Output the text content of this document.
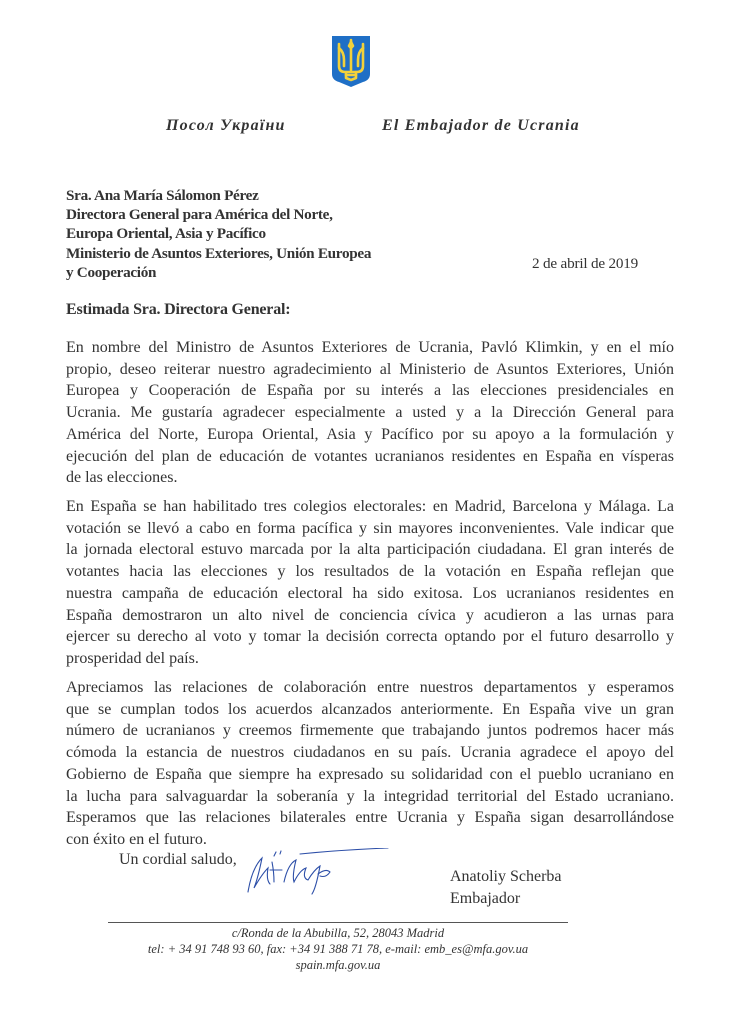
Посол України	El Embajador de Ucrania
Sra. Ana María Sálomon Pérez
Directora General para América del Norte,
Europa Oriental, Asia y Pacífico
Ministerio de Asuntos Exteriores, Unión Europea
y Cooperación
2 de abril de 2019
Estimada Sra. Directora General:
En nombre del Ministro de Asuntos Exteriores de Ucrania, Pavló Klimkin, y en el mío
propio, deseo reiterar nuestro agradecimiento al Ministerio de Asuntos Exteriores, Unión
Europea y Cooperación de España por su interés a las elecciones presidenciales en
Ucrania. Me gustaría agradecer especialmente a usted y a la Dirección General para
América del Norte, Europa Oriental, Asia y Pacífico por su apoyo a la formulación y
ejecución del plan de educación de votantes ucranianos residentes en España en vísperas
de las elecciones.
En España se han habilitado tres colegios electorales: en Madrid, Barcelona y Málaga. La
votación se llevó a cabo en forma pacífica y sin mayores inconvenientes. Vale indicar que
la jornada electoral estuvo marcada por la alta participación ciudadana. El gran interés de
votantes hacia las elecciones y los resultados de la votación en España reflejan que
nuestra campaña de educación electoral ha sido exitosa. Los ucranianos residentes en
España demostraron un alto nivel de conciencia cívica y acudieron a las urnas para
ejercer su derecho al voto y tomar la decisión correcta optando por el futuro desarrollo y
prosperidad del país.
Apreciamos las relaciones de colaboración entre nuestros departamentos y esperamos
que se cumplan todos los acuerdos alcanzados anteriormente. En España vive un gran
número de ucranianos y creemos firmemente que trabajando juntos podremos hacer más
cómoda la estancia de nuestros ciudadanos en su país. Ucrania agradece el apoyo del
Gobierno de España que siempre ha expresado su solidaridad con el pueblo ucraniano en
la lucha para salvaguardar la soberanía y la integridad territorial del Estado ucraniano.
Esperamos que las relaciones bilaterales entre Ucrania y España sigan desarrollándose
con éxito en el futuro.
Un cordial saludo,
Anatoliy Scherba
Embajador
c/Ronda de la Abubilla, 52, 28043 Madrid
tel: + 34 91 748 93 60, fax: +34 91 388 71 78, e-mail: emb_es@mfa.gov.ua
spain.mfa.gov.ua
